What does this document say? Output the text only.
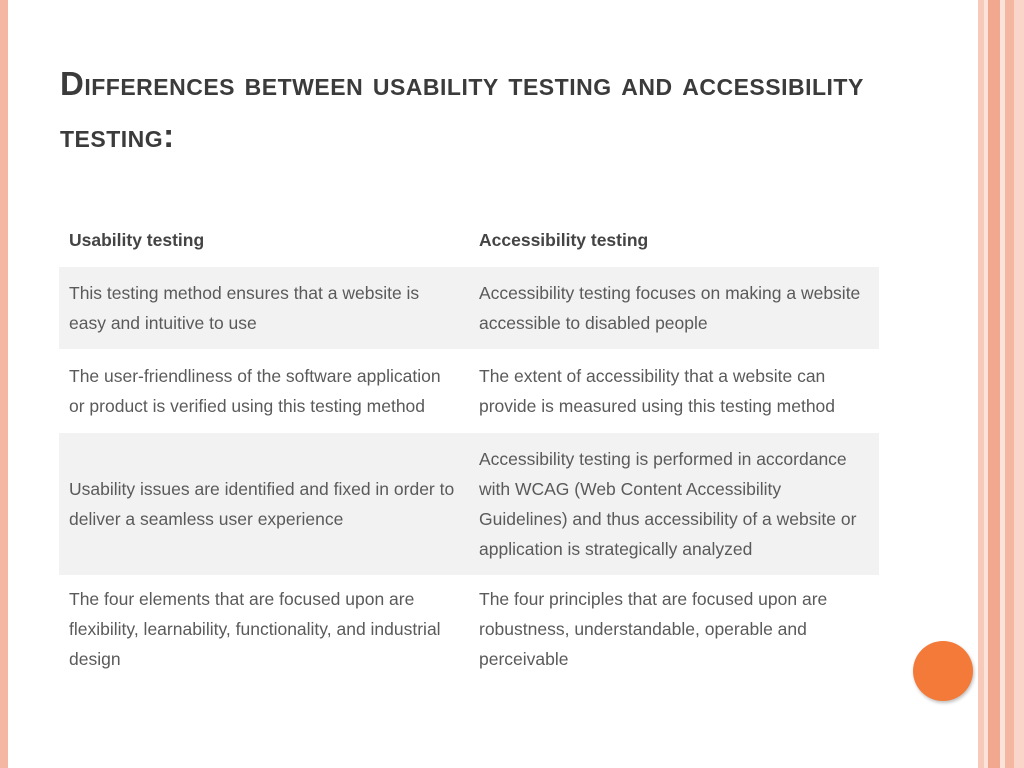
Differences between usability testing and accessibility testing:
Usability testing	Accessibility testing
This testing method ensures that a website is easy and intuitive to use	Accessibility testing focuses on making a website accessible to disabled people
The user-friendliness of the software application or product is verified using this testing method	The extent of accessibility that a website can provide is measured using this testing method
Usability issues are identified and fixed in order to deliver a seamless user experience	Accessibility testing is performed in accordance with WCAG (Web Content Accessibility Guidelines) and thus accessibility of a website or application is strategically analyzed
The four elements that are focused upon are flexibility, learnability, functionality, and industrial design	The four principles that are focused upon are robustness, understandable, operable and perceivable
